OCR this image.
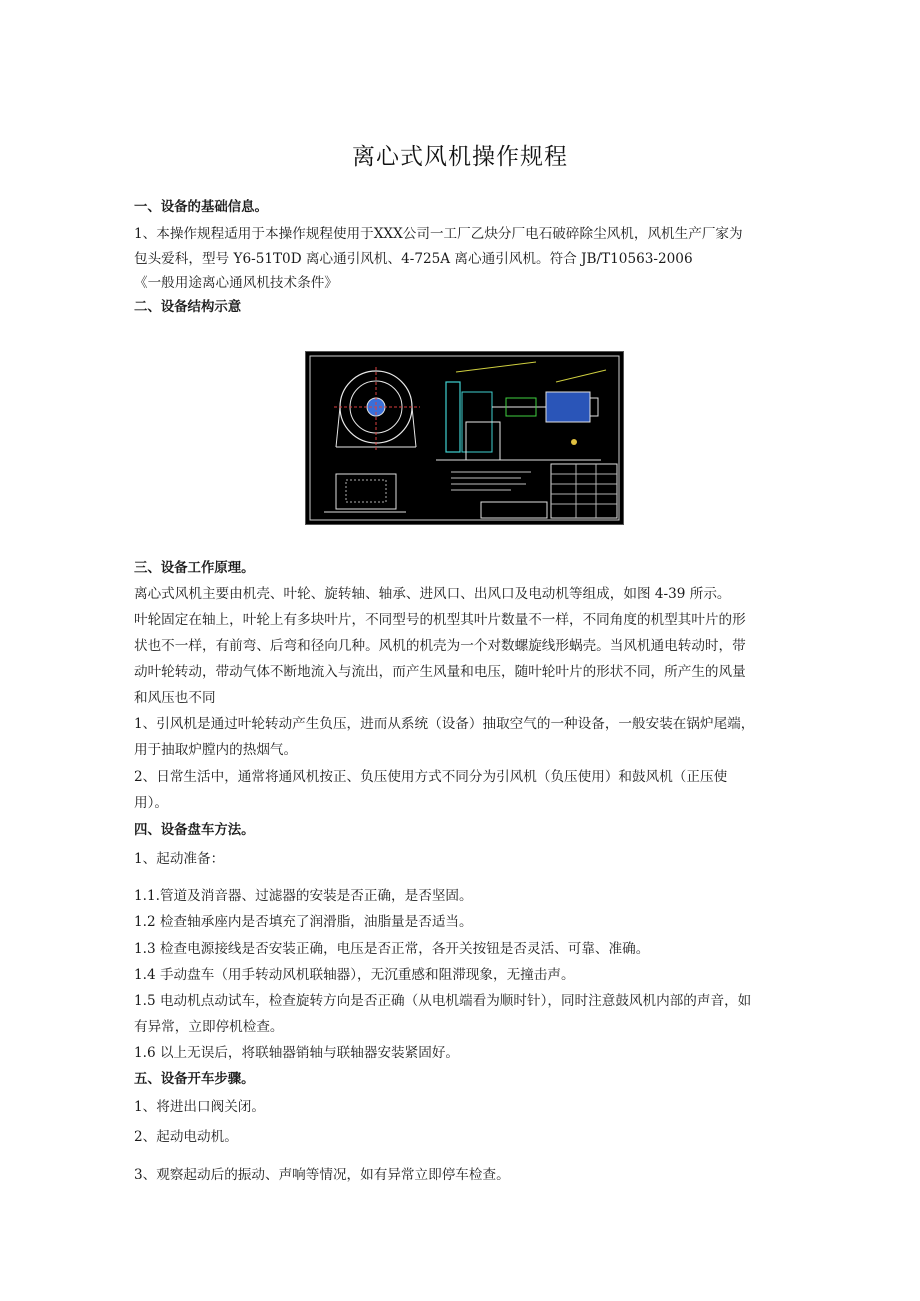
离心式风机操作规程
一、设备的基础信息。
1、本操作规程适用于本操作规程使用于XXX公司一工厂乙炔分厂电石破碎除尘风机，风机生产厂家为
包头爱科，型号 Y6-51T0D 离心通引风机、4-725A 离心通引风机。符合 JB/T10563-2006
《一般用途离心通风机技术条件》
二、设备结构示意
三、设备工作原理。
离心式风机主要由机壳、叶轮、旋转轴、轴承、进风口、出风口及电动机等组成，如图 4-39 所示。
叶轮固定在轴上，叶轮上有多块叶片，不同型号的机型其叶片数量不一样，不同角度的机型其叶片的形
状也不一样，有前弯、后弯和径向几种。风机的机壳为一个对数螺旋线形蜗壳。当风机通电转动时，带
动叶轮转动，带动气体不断地流入与流出，而产生风量和电压，随叶轮叶片的形状不同，所产生的风量
和风压也不同
1、引风机是通过叶轮转动产生负压，进而从系统（设备）抽取空气的一种设备，一般安装在锅炉尾端，
用于抽取炉膛内的热烟气。
2、日常生活中，通常将通风机按正、负压使用方式不同分为引风机（负压使用）和鼓风机（正压使
用）。
四、设备盘车方法。
1、起动准备：
1.1.管道及消音器、过滤器的安装是否正确，是否坚固。
1.2 检查轴承座内是否填充了润滑脂，油脂量是否适当。
1.3 检查电源接线是否安装正确，电压是否正常，各开关按钮是否灵活、可靠、准确。
1.4 手动盘车（用手转动风机联轴器），无沉重感和阻滞现象，无撞击声。
1.5 电动机点动试车，检查旋转方向是否正确（从电机端看为顺时针），同时注意鼓风机内部的声音，如
有异常，立即停机检查。
1.6 以上无误后，将联轴器销轴与联轴器安装紧固好。
五、设备开车步骤。
1、将进出口阀关闭。
2、起动电动机。
3、观察起动后的振动、声响等情况，如有异常立即停车检查。
